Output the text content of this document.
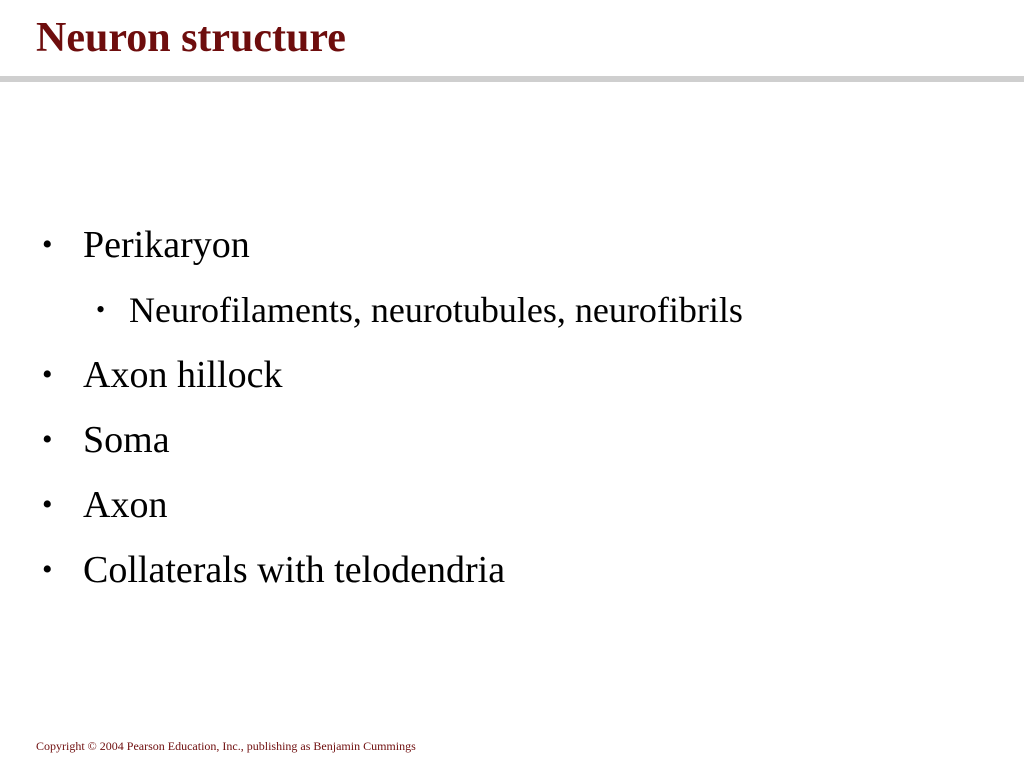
Neuron structure
• Perikaryon
• Neurofilaments, neurotubules, neurofibrils
• Axon hillock
• Soma
• Axon
• Collaterals with telodendria

Copyright © 2004 Pearson Education, Inc., publishing as Benjamin Cummings
